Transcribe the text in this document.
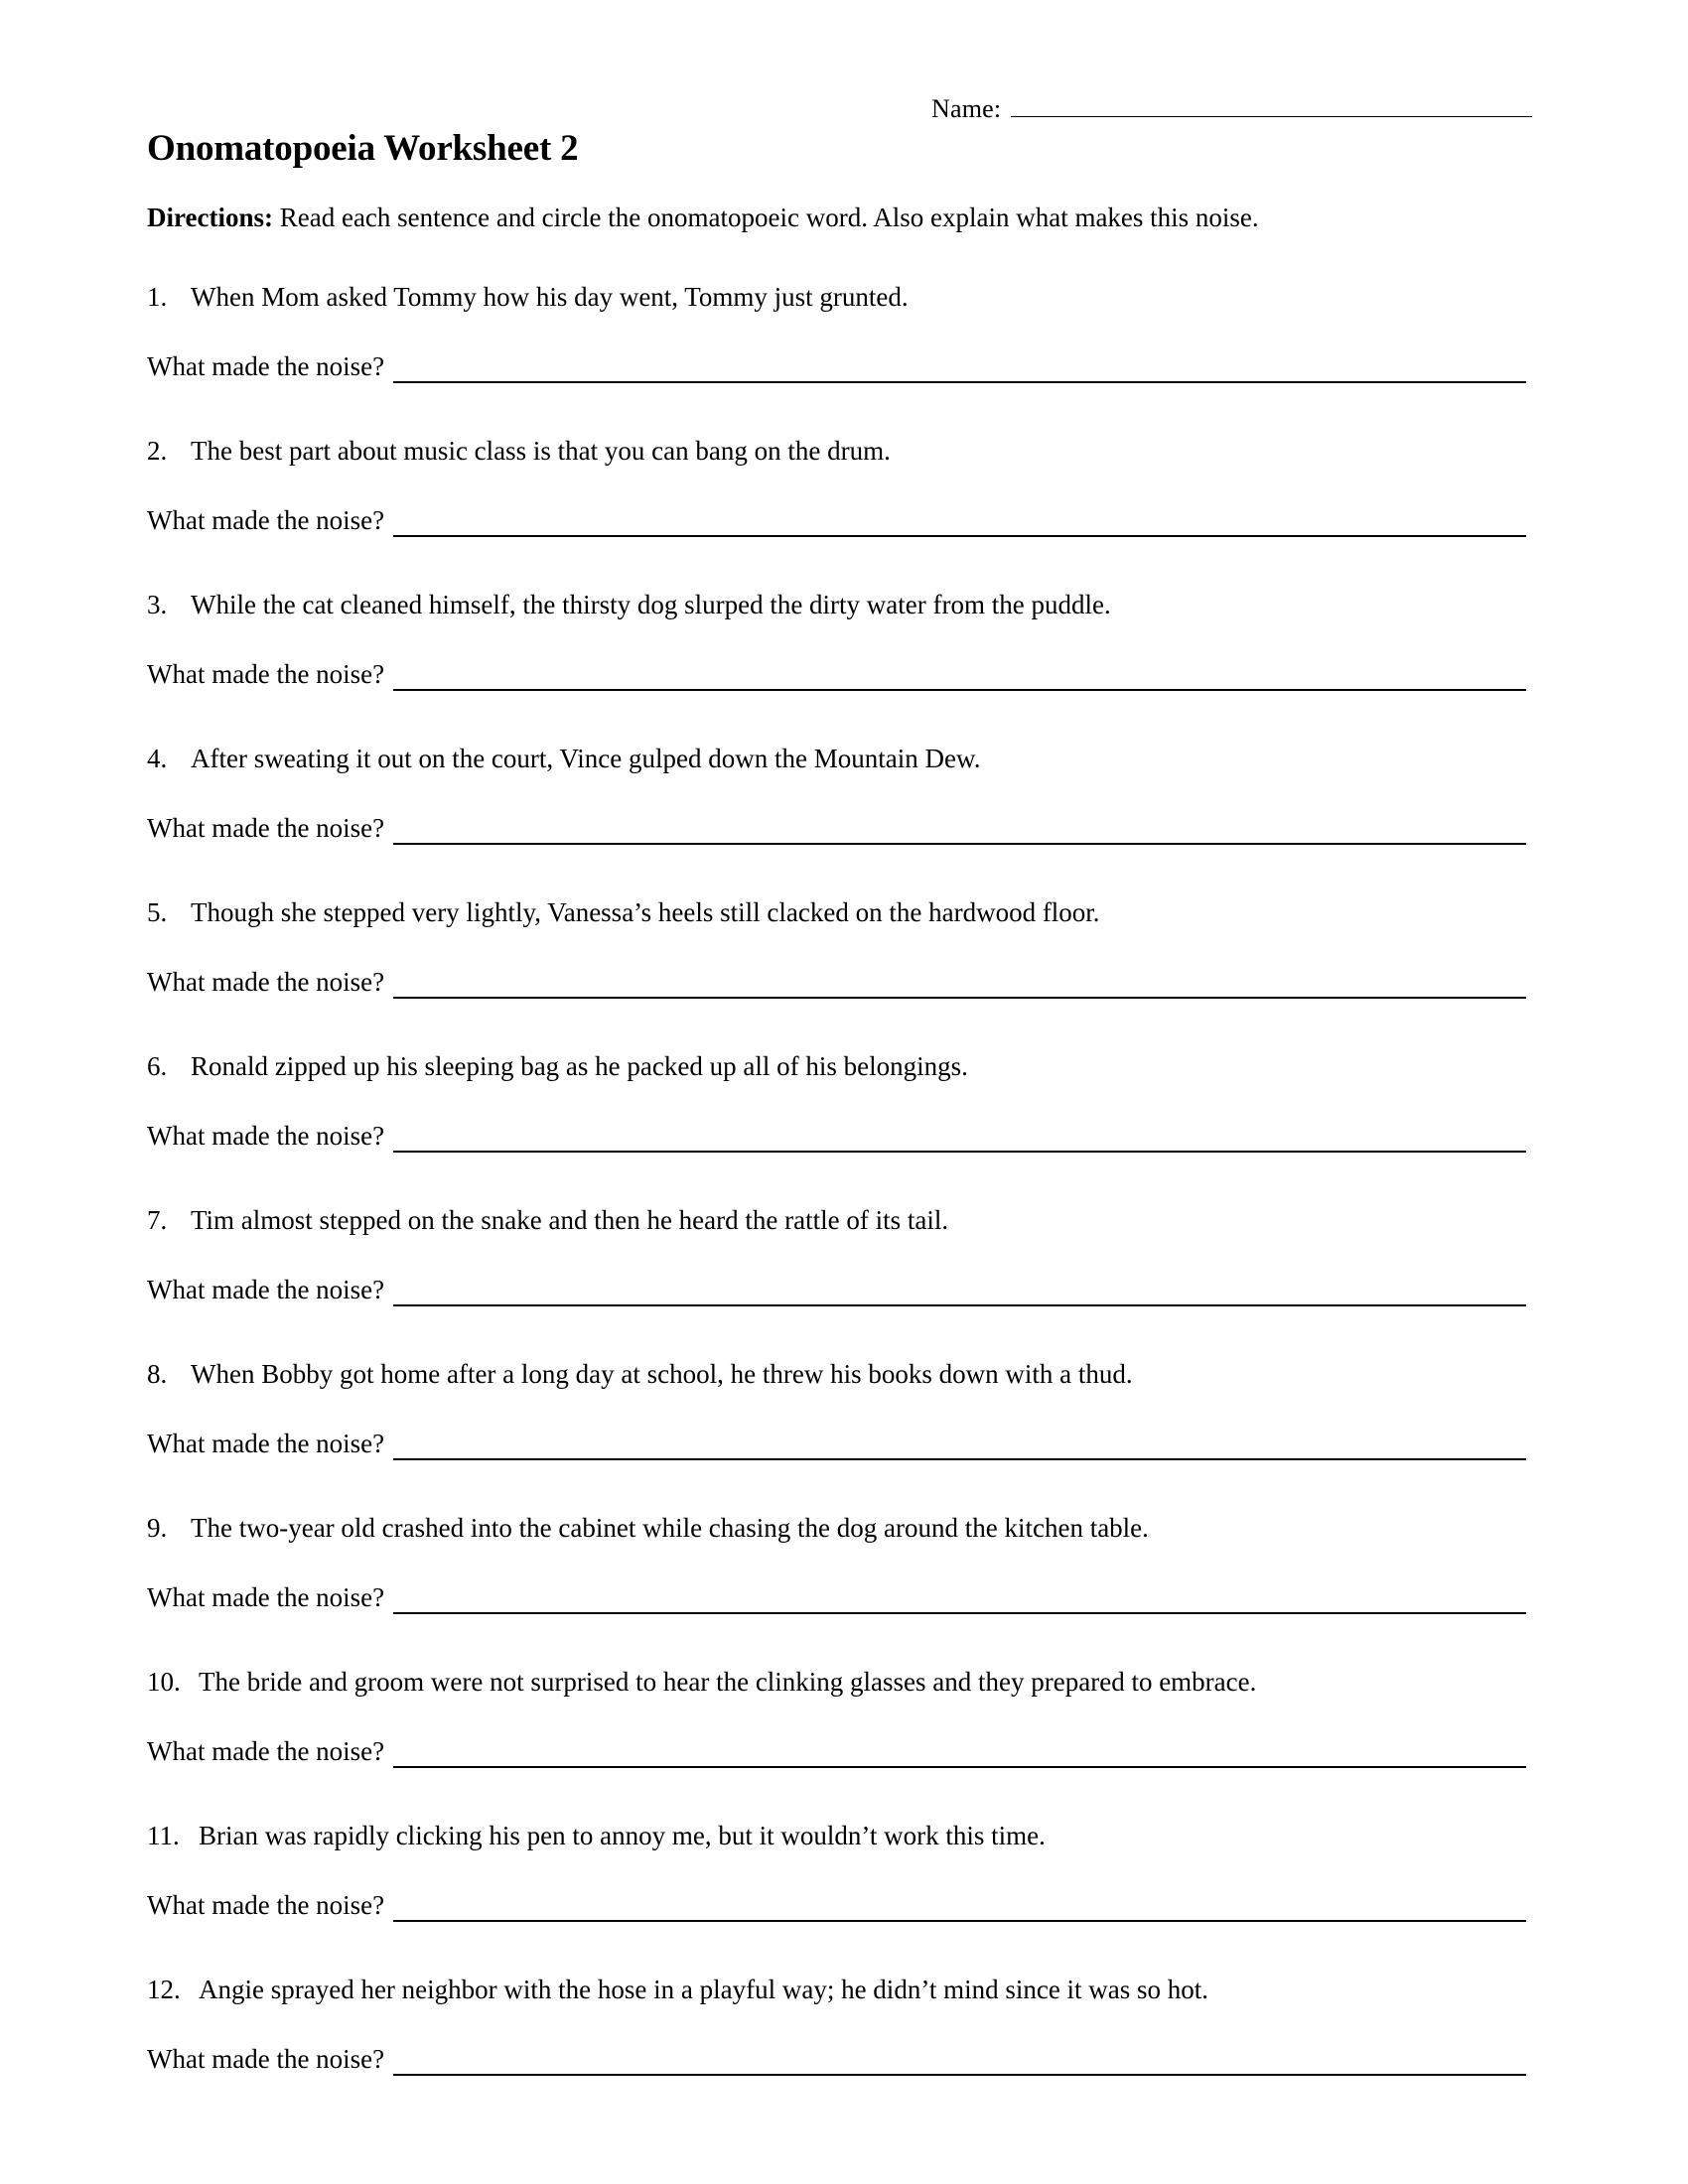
Name:
Onomatopoeia Worksheet 2
Directions: Read each sentence and circle the onomatopoeic word. Also explain what makes this noise.
1. When Mom asked Tommy how his day went, Tommy just grunted.
What made the noise?
2. The best part about music class is that you can bang on the drum.
What made the noise?
3. While the cat cleaned himself, the thirsty dog slurped the dirty water from the puddle.
What made the noise?
4. After sweating it out on the court, Vince gulped down the Mountain Dew.
What made the noise?
5. Though she stepped very lightly, Vanessa’s heels still clacked on the hardwood floor.
What made the noise?
6. Ronald zipped up his sleeping bag as he packed up all of his belongings.
What made the noise?
7. Tim almost stepped on the snake and then he heard the rattle of its tail.
What made the noise?
8. When Bobby got home after a long day at school, he threw his books down with a thud.
What made the noise?
9. The two-year old crashed into the cabinet while chasing the dog around the kitchen table.
What made the noise?
10. The bride and groom were not surprised to hear the clinking glasses and they prepared to embrace.
What made the noise?
11. Brian was rapidly clicking his pen to annoy me, but it wouldn’t work this time.
What made the noise?
12. Angie sprayed her neighbor with the hose in a playful way; he didn’t mind since it was so hot.
What made the noise?
